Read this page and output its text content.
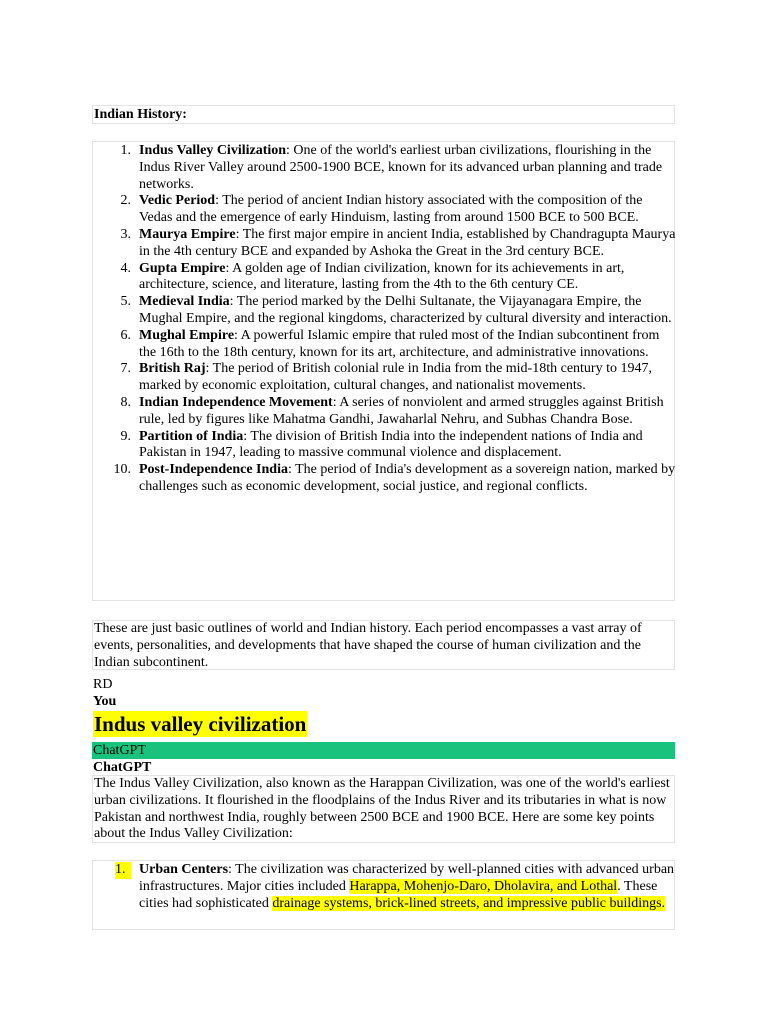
Indian History:
1. Indus Valley Civilization: One of the world's earliest urban civilizations, flourishing in the Indus River Valley around 2500-1900 BCE, known for its advanced urban planning and trade networks.
2. Vedic Period: The period of ancient Indian history associated with the composition of the Vedas and the emergence of early Hinduism, lasting from around 1500 BCE to 500 BCE.
3. Maurya Empire: The first major empire in ancient India, established by Chandragupta Maurya in the 4th century BCE and expanded by Ashoka the Great in the 3rd century BCE.
4. Gupta Empire: A golden age of Indian civilization, known for its achievements in art, architecture, science, and literature, lasting from the 4th to the 6th century CE.
5. Medieval India: The period marked by the Delhi Sultanate, the Vijayanagara Empire, the Mughal Empire, and the regional kingdoms, characterized by cultural diversity and interaction.
6. Mughal Empire: A powerful Islamic empire that ruled most of the Indian subcontinent from the 16th to the 18th century, known for its art, architecture, and administrative innovations.
7. British Raj: The period of British colonial rule in India from the mid-18th century to 1947, marked by economic exploitation, cultural changes, and nationalist movements.
8. Indian Independence Movement: A series of nonviolent and armed struggles against British rule, led by figures like Mahatma Gandhi, Jawaharlal Nehru, and Subhas Chandra Bose.
9. Partition of India: The division of British India into the independent nations of India and Pakistan in 1947, leading to massive communal violence and displacement.
10. Post-Independence India: The period of India's development as a sovereign nation, marked by challenges such as economic development, social justice, and regional conflicts.

These are just basic outlines of world and Indian history. Each period encompasses a vast array of events, personalities, and developments that have shaped the course of human civilization and the Indian subcontinent.

RD
You
Indus valley civilization
ChatGPT
ChatGPT

The Indus Valley Civilization, also known as the Harappan Civilization, was one of the world's earliest urban civilizations. It flourished in the floodplains of the Indus River and its tributaries in what is now Pakistan and northwest India, roughly between 2500 BCE and 1900 BCE. Here are some key points about the Indus Valley Civilization:

1. Urban Centers: The civilization was characterized by well-planned cities with advanced urban infrastructures. Major cities included Harappa, Mohenjo-Daro, Dholavira, and Lothal. These cities had sophisticated drainage systems, brick-lined streets, and impressive public buildings.
